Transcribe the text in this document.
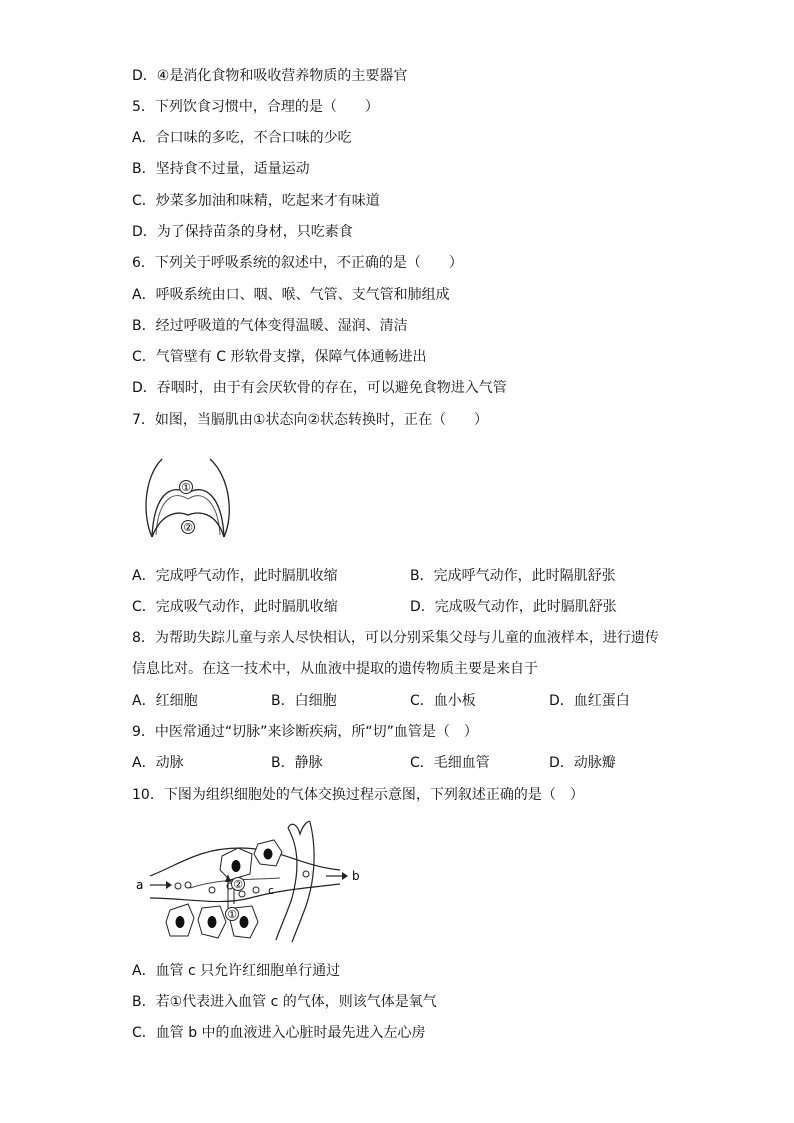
D．④是消化食物和吸收营养物质的主要器官
5．下列饮食习惯中，合理的是（　　）
A．合口味的多吃，不合口味的少吃
B．坚持食不过量，适量运动
C．炒菜多加油和味精，吃起来才有味道
D．为了保持苗条的身材，只吃素食
6．下列关于呼吸系统的叙述中，不正确的是（　　）
A．呼吸系统由口、咽、喉、气管、支气管和肺组成
B．经过呼吸道的气体变得温暖、湿润、清洁
C．气管壁有 C 形软骨支撑，保障气体通畅进出
D．吞咽时，由于有会厌软骨的存在，可以避免食物进入气管
7．如图，当膈肌由①状态向②状态转换时，正在（　　）
①
②
A．完成呼气动作，此时膈肌收缩	B．完成呼气动作，此时隔肌舒张
C．完成吸气动作，此时膈肌收缩	D．完成吸气动作，此时膈肌舒张
8．为帮助失踪儿童与亲人尽快相认，可以分别采集父母与儿童的血液样本，进行遗传
信息比对。在这一技术中，从血液中提取的遗传物质主要是来自于
A．红细胞	B．白细胞	C．血小板	D．血红蛋白
9．中医常通过“切脉”来诊断疾病，所“切”血管是（　）
A．动脉	B．静脉	C．毛细血管	D．动脉瓣
10．下图为组织细胞处的气体交换过程示意图，下列叙述正确的是（　）
a
b
c
②
①
A．血管 c 只允许红细胞单行通过
B．若①代表进入血管 c 的气体，则该气体是氧气
C．血管 b 中的血液进入心脏时最先进入左心房
